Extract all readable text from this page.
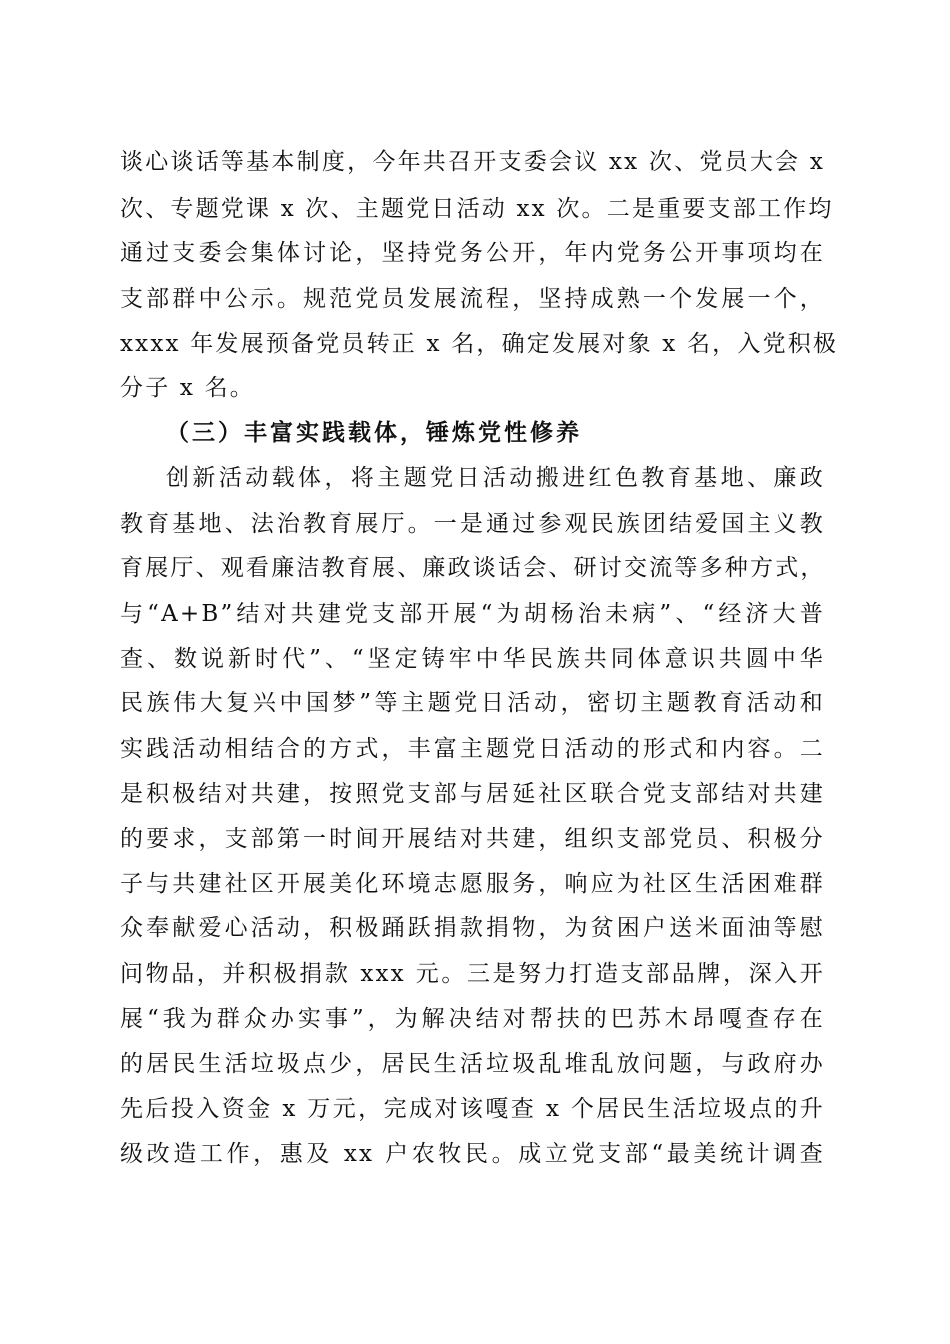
谈心谈话等基本制度，今年共召开支委会议 xx 次、党员大会 x
次、专题党课 x 次、主题党日活动 xx 次。二是重要支部工作均
通过支委会集体讨论，坚持党务公开，年内党务公开事项均在
支部群中公示。规范党员发展流程，坚持成熟一个发展一个，
xxxx 年发展预备党员转正 x 名，确定发展对象 x 名，入党积极
分子 x 名。
（三）丰富实践载体，锤炼党性修养
创新活动载体，将主题党日活动搬进红色教育基地、廉政
教育基地、法治教育展厅。一是通过参观民族团结爱国主义教
育展厅、观看廉洁教育展、廉政谈话会、研讨交流等多种方式，
与“A+B”结对共建党支部开展“为胡杨治未病”、“经济大普
查、数说新时代”、“坚定铸牢中华民族共同体意识共圆中华
民族伟大复兴中国梦”等主题党日活动，密切主题教育活动和
实践活动相结合的方式，丰富主题党日活动的形式和内容。二
是积极结对共建，按照党支部与居延社区联合党支部结对共建
的要求，支部第一时间开展结对共建，组织支部党员、积极分
子与共建社区开展美化环境志愿服务，响应为社区生活困难群
众奉献爱心活动，积极踊跃捐款捐物，为贫困户送米面油等慰
问物品，并积极捐款 xxx 元。三是努力打造支部品牌，深入开
展“我为群众办实事”，为解决结对帮扶的巴苏木昂嘎查存在
的居民生活垃圾点少，居民生活垃圾乱堆乱放问题，与政府办
先后投入资金 x 万元，完成对该嘎查 x 个居民生活垃圾点的升
级改造工作，惠及 xx 户农牧民。成立党支部“最美统计调查
